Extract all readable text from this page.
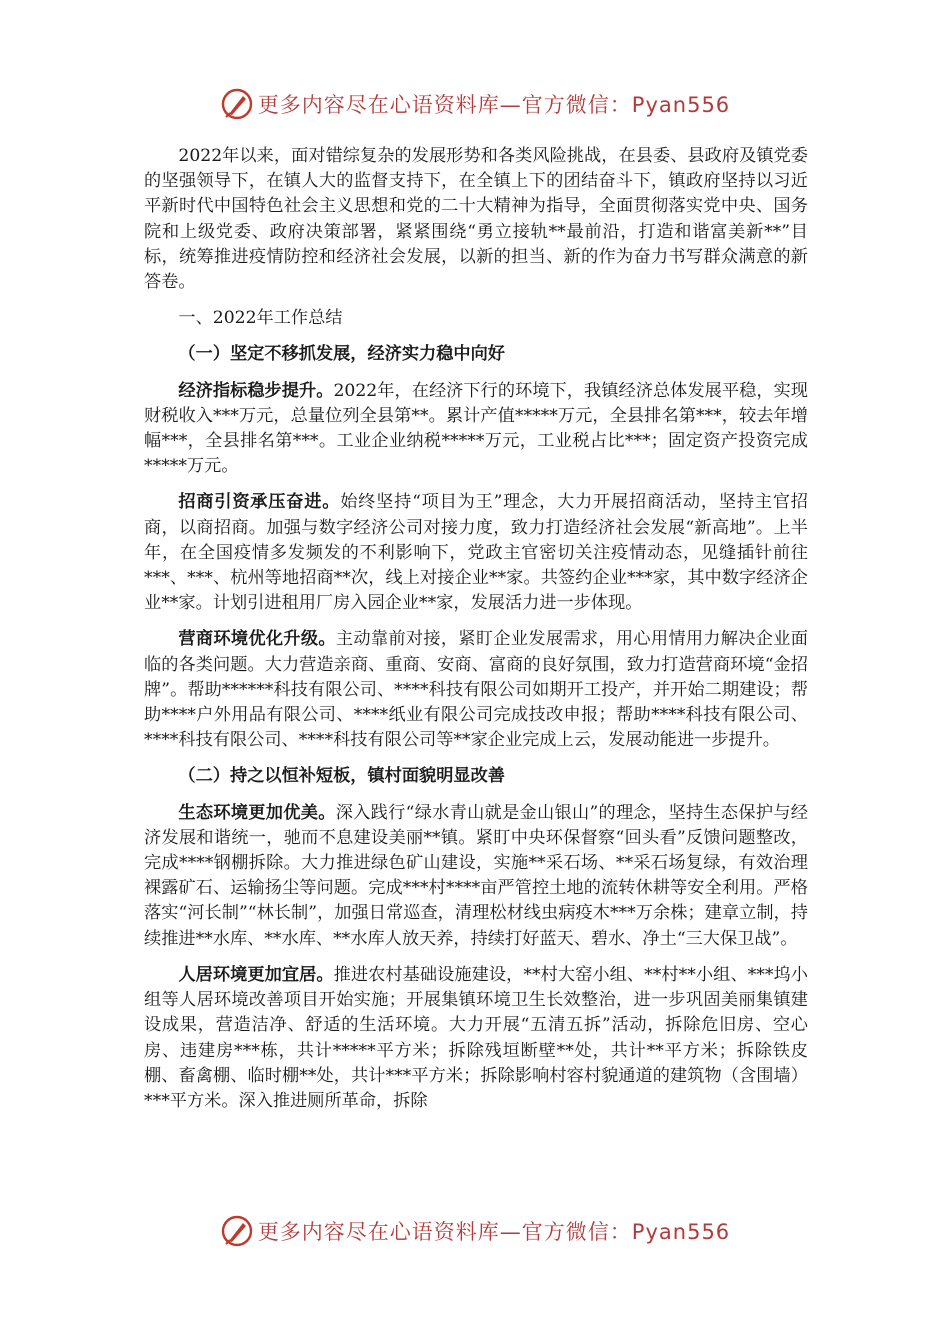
更多内容尽在心语资料库—官方微信：Pyan556

2022年以来，面对错综复杂的发展形势和各类风险挑战，在县委、县政府及镇党委的坚强领导下，在镇人大的监督支持下，在全镇上下的团结奋斗下，镇政府坚持以习近平新时代中国特色社会主义思想和党的二十大精神为指导，全面贯彻落实党中央、国务院和上级党委、政府决策部署，紧紧围绕“勇立接轨**最前沿，打造和谐富美新**”目标，统筹推进疫情防控和经济社会发展，以新的担当、新的作为奋力书写群众满意的新答卷。

一、2022年工作总结

（一）坚定不移抓发展，经济实力稳中向好

经济指标稳步提升。2022年，在经济下行的环境下，我镇经济总体发展平稳，实现财税收入***万元，总量位列全县第**。累计产值*****万元，全县排名第***，较去年增幅***，全县排名第***。工业企业纳税*****万元，工业税占比***；固定资产投资完成*****万元。

招商引资承压奋进。始终坚持“项目为王”理念，大力开展招商活动，坚持主官招商，以商招商。加强与数字经济公司对接力度，致力打造经济社会发展“新高地”。上半年，在全国疫情多发频发的不利影响下，党政主官密切关注疫情动态，见缝插针前往***、***、杭州等地招商**次，线上对接企业**家。共签约企业***家，其中数字经济企业**家。计划引进租用厂房入园企业**家，发展活力进一步体现。

营商环境优化升级。主动靠前对接，紧盯企业发展需求，用心用情用力解决企业面临的各类问题。大力营造亲商、重商、安商、富商的良好氛围，致力打造营商环境“金招牌”。帮助******科技有限公司、****科技有限公司如期开工投产，并开始二期建设；帮助****户外用品有限公司、****纸业有限公司完成技改申报；帮助****科技有限公司、****科技有限公司、****科技有限公司等**家企业完成上云，发展动能进一步提升。

（二）持之以恒补短板，镇村面貌明显改善

生态环境更加优美。深入践行“绿水青山就是金山银山”的理念，坚持生态保护与经济发展和谐统一，驰而不息建设美丽**镇。紧盯中央环保督察“回头看”反馈问题整改，完成****钢棚拆除。大力推进绿色矿山建设，实施**采石场、**采石场复绿，有效治理裸露矿石、运输扬尘等问题。完成***村****亩严管控土地的流转休耕等安全利用。严格落实“河长制”“林长制”，加强日常巡查，清理松材线虫病疫木***万余株；建章立制，持续推进**水库、**水库、**水库人放天养，持续打好蓝天、碧水、净土“三大保卫战”。

人居环境更加宜居。推进农村基础设施建设，**村大窑小组、**村**小组、***坞小组等人居环境改善项目开始实施；开展集镇环境卫生长效整治，进一步巩固美丽集镇建设成果，营造洁净、舒适的生活环境。大力开展“五清五拆”活动，拆除危旧房、空心房、违建房***栋，共计*****平方米；拆除残垣断壁**处，共计**平方米；拆除铁皮棚、畜禽棚、临时棚**处，共计***平方米；拆除影响村容村貌通道的建筑物（含围墙）***平方米。深入推进厕所革命，拆除

更多内容尽在心语资料库—官方微信：Pyan556
